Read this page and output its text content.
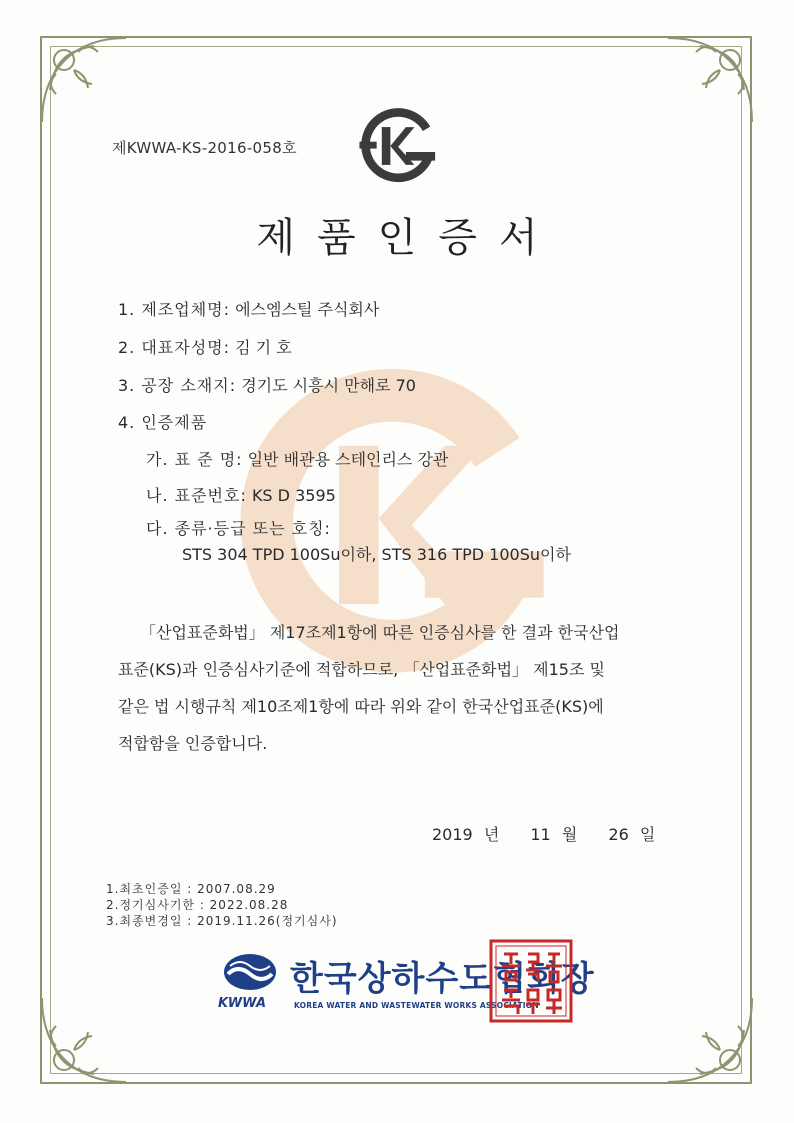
제KWWA-KS-2016-058호
제품인증서
1. 제조업체명: 에스엠스틸 주식회사
2. 대표자성명: 김 기 호
3. 공장 소재지: 경기도 시흥시 만해로 70
4. 인증제품
가. 표 준 명: 일반 배관용 스테인리스 강관
나. 표준번호: KS D 3595
다. 종류·등급 또는 호칭:
STS 304 TPD 100Su이하, STS 316 TPD 100Su이하
「산업표준화법」 제17조제1항에 따른 인증심사를 한 결과 한국산업
표준(KS)과 인증심사기준에 적합하므로, 「산업표준화법」 제15조 및
같은 법 시행규칙 제10조제1항에 따라 위와 같이 한국산업표준(KS)에
적합함을 인증합니다.
2019 년 11 월 26 일
1.최초인증일 : 2007.08.29
2.정기심사기한 : 2022.08.28
3.최종변경일 : 2019.11.26(정기심사)
KWWA
한국상하수도협회장
KOREA WATER AND WASTEWATER WORKS ASSOCIATION
